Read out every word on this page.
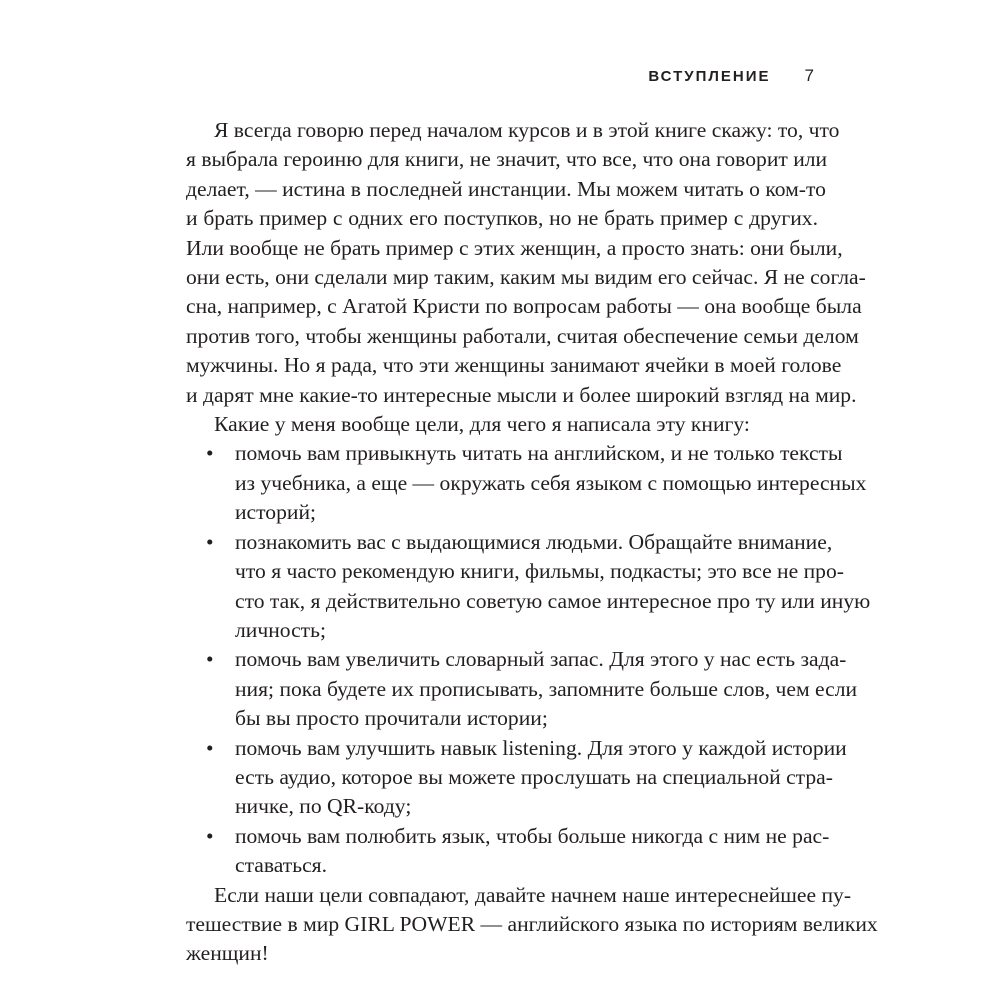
ВСТУПЛЕНИЕ 7
Я всегда говорю перед началом курсов и в этой книге скажу: то, что
я выбрала героиню для книги, не значит, что все, что она говорит или
делает, — истина в последней инстанции. Мы можем читать о ком-то
и брать пример с одних его поступков, но не брать пример с других.
Или вообще не брать пример с этих женщин, а просто знать: они были,
они есть, они сделали мир таким, каким мы видим его сейчас. Я не согла-
сна, например, с Агатой Кристи по вопросам работы — она вообще была
против того, чтобы женщины работали, считая обеспечение семьи делом
мужчины. Но я рада, что эти женщины занимают ячейки в моей голове
и дарят мне какие-то интересные мысли и более широкий взгляд на мир.
Какие у меня вообще цели, для чего я написала эту книгу:
• помочь вам привыкнуть читать на английском, и не только тексты
из учебника, а еще — окружать себя языком с помощью интересных
историй;
• познакомить вас с выдающимися людьми. Обращайте внимание,
что я часто рекомендую книги, фильмы, подкасты; это все не про-
сто так, я действительно советую самое интересное про ту или иную
личность;
• помочь вам увеличить словарный запас. Для этого у нас есть зада-
ния; пока будете их прописывать, запомните больше слов, чем если
бы вы просто прочитали истории;
• помочь вам улучшить навык listening. Для этого у каждой истории
есть аудио, которое вы можете прослушать на специальной стра-
ничке, по QR-коду;
• помочь вам полюбить язык, чтобы больше никогда с ним не рас-
ставаться.
Если наши цели совпадают, давайте начнем наше интереснейшее пу-
тешествие в мир GIRL POWER — английского языка по историям великих
женщин!
